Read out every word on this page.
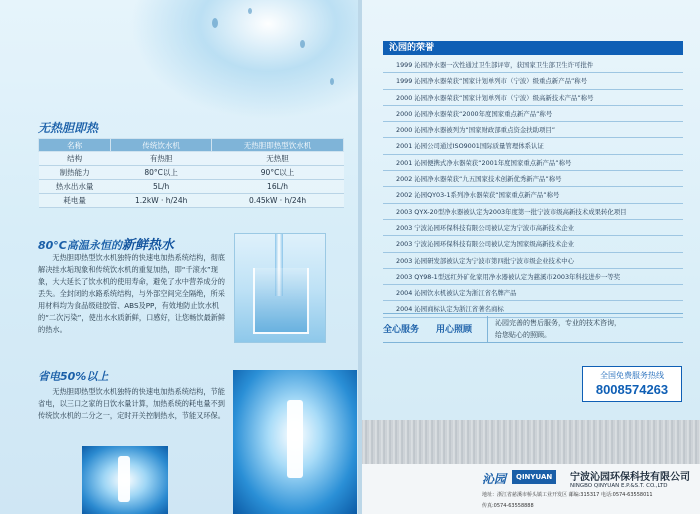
无热胆即热
名称	传统饮水机	无热胆即热型饮水机
结构	有热胆	无热胆
制热能力	80°C以上	90°C以上
热水出水量	5L/h	16L/h
耗电量	1.2kW · h/24h	0.45kW · h/24h
80°C高温永恒的新鲜热水

无热胆即热型饮水机独特的快速电加热系统结构，彻底解决挂水垢现象和传统饮水机的重复加热，即“千滚水”现象，大大延长了饮水机的使用寿命，避免了水中营养成分的丢失。全封闭的水路系统结构，与外部空间完全隔绝，所采用材料均为食品级硅胶管、ABS及PP，有效地防止饮水机的“二次污染”，使出水水质新鲜，口感好，让您畅饮最新鲜的热水。

省电50%以上

无热胆即热型饮水机独特的快速电加热系统结构，节能省电，以三口之家的日饮水量计算，加热系统的耗电量不到传统饮水机的二分之一，定时开关控制热水，节能又环保。

沁园的荣誉
1999 沁园净水器一次性通过卫生部评审，获国家卫生部卫生许可批件
1999 沁园净水器荣获“国家计划单列市（宁波）级重点新产品”称号
2000 沁园净水器荣获“国家计划单列市（宁波）级高新技术产品”称号
2000 沁园净水器荣获“2000年度国家重点新产品”称号
2000 沁园净水器被列为“国家财政部重点资金扶助项目”
2001 沁园公司通过ISO9001国际质量管理体系认证
2001 沁园便携式净水器荣获“2001年度国家重点新产品”称号
2002 沁园净水器荣获“九五国家技术创新优秀新产品”称号
2002 沁园QY03-1系列净水器荣获“国家重点新产品”称号
2003 QYX-20型净水器被认定为2003年度第一批宁波市级高新技术成果转化项目
2003 宁波沁园环保科技有限公司被认定为宁波市高新技术企业
2003 宁波沁园环保科技有限公司被认定为国家级高新技术企业
2003 沁园研发部被认定为宁波市第四批宁波市级企业技术中心
2003 QY98-1型远红外矿化家用净水器被认定为慈溪市2003年科技进步一等奖
2004 沁园饮水机被认定为浙江省名牌产品
2004 沁园商标认定为浙江省著名商标
全心服务 用心照顾
沁园完善的售后服务，专业的技术咨询，
给您贴心的照顾。
全国免费服务热线
8008574263
沁园	QINYUAN	宁波沁园环保科技有限公司
NINGBO QINYUAN E.P.&S.T. CO.,LTD
地址：浙江省慈溪市桥头镇工业开发区 邮编:315317 电话:0574-63558011
传真:0574-63558888
